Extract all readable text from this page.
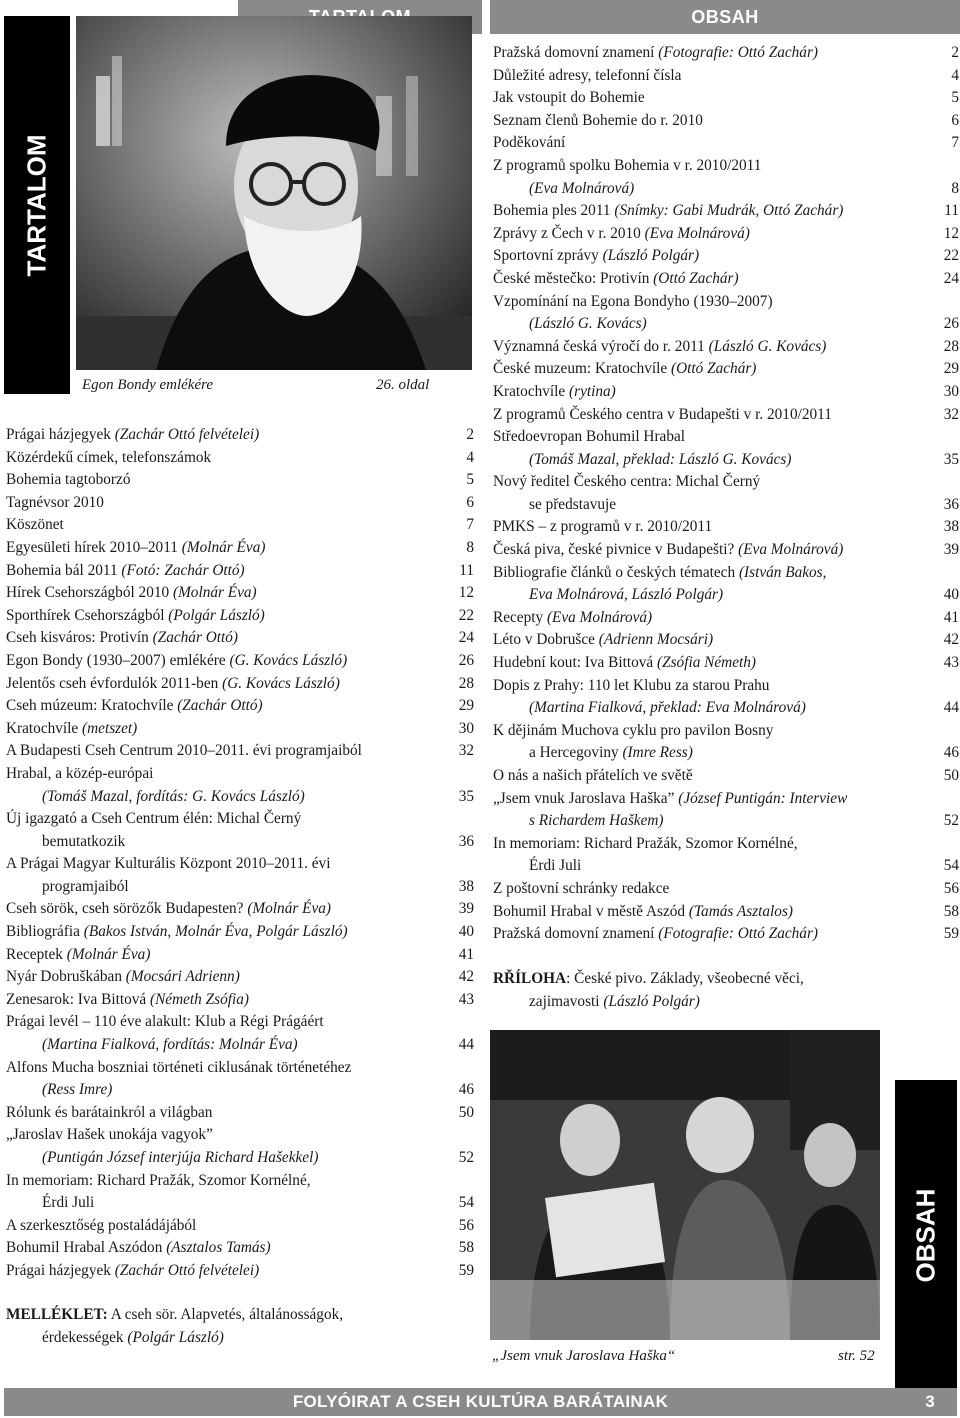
OBSAH
TARTALOM
OBSAH
Egon Bondy emlékére	26. oldal
Prágai házjegyek (Zachár Ottó felvételei)	2
Közérdekű címek, telefonszámok	4
Bohemia tagtoborzó	5
Tagnévsor 2010	6
Köszönet	7
Egyesületi hírek 2010–2011 (Molnár Éva)	8
Bohemia bál 2011 (Fotó: Zachár Ottó)	11
Hírek Csehországból 2010 (Molnár Éva)	12
Sporthírek Csehországból (Polgár László)	22
Cseh kisváros: Protivín (Zachár Ottó)	24
Egon Bondy (1930–2007) emlékére (G. Kovács László)	26
Jelentős cseh évfordulók 2011-ben (G. Kovács László)	28
Cseh múzeum: Kratochvíle (Zachár Ottó)	29
Kratochvíle (metszet)	30
A Budapesti Cseh Centrum 2010–2011. évi programjaiból	32
Hrabal, a közép-európai
(Tomáš Mazal, fordítás: G. Kovács László)	35
Új igazgató a Cseh Centrum élén: Michal Černý
bemutatkozik	36
A Prágai Magyar Kulturális Központ 2010–2011. évi
programjaiból	38
Cseh sörök, cseh sörözők Budapesten? (Molnár Éva)	39
Bibliográfia (Bakos István, Molnár Éva, Polgár László)	40
Receptek (Molnár Éva)	41
Nyár Dobruškában (Mocsári Adrienn)	42
Zenesarok: Iva Bittová (Németh Zsófia)	43
Prágai levél – 110 éve alakult: Klub a Régi Prágáért
(Martina Fialková, fordítás: Molnár Éva)	44
Alfons Mucha boszniai történeti ciklusának történetéhez
(Ress Imre)	46
Rólunk és barátainkról a világban	50
„Jaroslav Hašek unokája vagyok”
(Puntigán József interjúja Richard Hašekkel)	52
In memoriam: Richard Pražák, Szomor Kornélné,
Érdi Juli	54
A szerkesztőség postaládájából	56
Bohumil Hrabal Aszódon (Asztalos Tamás)	58
Prágai házjegyek (Zachár Ottó felvételei)	59
MELLÉKLET: A cseh sör. Alapvetés, általánosságok,
érdekességek (Polgár László)
Pražská domovní znamení (Fotografie: Ottó Zachár)	2
Důležité adresy, telefonní čísla	4
Jak vstoupit do Bohemie	5
Seznam členů Bohemie do r. 2010	6
Poděkování	7
Z programů spolku Bohemia v r. 2010/2011
(Eva Molnárová)	8
Bohemia ples 2011 (Snímky: Gabi Mudrák, Ottó Zachár)	11
Zprávy z Čech v r. 2010 (Eva Molnárová)	12
Sportovní zprávy (László Polgár)	22
České městečko: Protivín (Ottó Zachár)	24
Vzpomínání na Egona Bondyho (1930–2007)
(László G. Kovács)	26
Významná česká výročí do r. 2011 (László G. Kovács)	28
České muzeum: Kratochvíle (Ottó Zachár)	29
Kratochvíle (rytina)	30
Z programů Českého centra v Budapešti v r. 2010/2011	32
Středoevropan Bohumil Hrabal
(Tomáš Mazal, překlad: László G. Kovács)	35
Nový ředitel Českého centra: Michal Černý
se představuje	36
PMKS – z programů v r. 2010/2011	38
Česká piva, české pivnice v Budapešti? (Eva Molnárová)	39
Bibliografie článků o českých tématech (István Bakos,
Eva Molnárová, László Polgár)	40
Recepty (Eva Molnárová)	41
Léto v Dobrušce (Adrienn Mocsári)	42
Hudební kout: Iva Bittová (Zsófia Németh)	43
Dopis z Prahy: 110 let Klubu za starou Prahu
(Martina Fialková, překlad: Eva Molnárová)	44
K dějinám Muchova cyklu pro pavilon Bosny
a Hercegoviny (Imre Ress)	46
O nás a našich přátelích ve světě	50
„Jsem vnuk Jaroslava Haška” (József Puntigán: Interview
s Richardem Haškem)	52
In memoriam: Richard Pražák, Szomor Kornélné,
Érdi Juli	54
Z poštovní schránky redakce	56
Bohumil Hrabal v městě Aszód (Tamás Asztalos)	58
Pražská domovní znamení (Fotografie: Ottó Zachár)	59
RŘÍLOHA: České pivo. Základy, všeobecné věci,
zajimavosti (László Polgár)
„Jsem vnuk Jaroslava Haška“	str. 52
FOLYÓIRAT A CSEH KULTÚRA BARÁTAINAK	3
